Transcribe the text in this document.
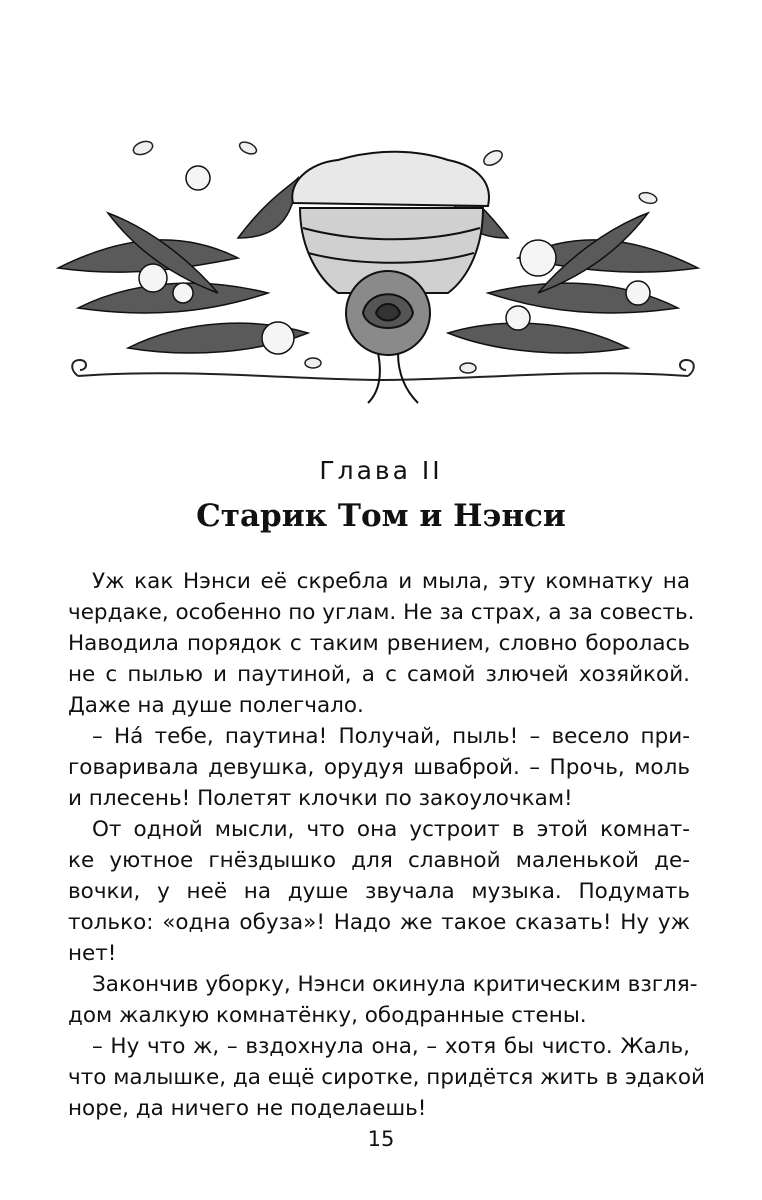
Глава II
Старик Том и Нэнси
Уж как Нэнси её скребла и мыла, эту комнатку на
чердаке, особенно по углам. Не за страх, а за совесть.
Наводила порядок с таким рвением, словно боролась
не с пылью и паутиной, а с самой злючей хозяйкой.
Даже на душе полегчало.
– На́ тебе, паутина! Получай, пыль! – весело при-
говаривала девушка, орудуя шваброй. – Прочь, моль
и плесень! Полетят клочки по закоулочкам!
От одной мысли, что она устроит в этой комнат-
ке уютное гнёздышко для славной маленькой де-
вочки, у неё на душе звучала музыка. Подумать
только: «одна обуза»! Надо же такое сказать! Ну уж
нет!
Закончив уборку, Нэнси окинула критическим взгля-
дом жалкую комнатёнку, ободранные стены.
– Ну что ж, – вздохнула она, – хотя бы чисто. Жаль,
что малышке, да ещё сиротке, придётся жить в эдакой
норе, да ничего не поделаешь!
15
